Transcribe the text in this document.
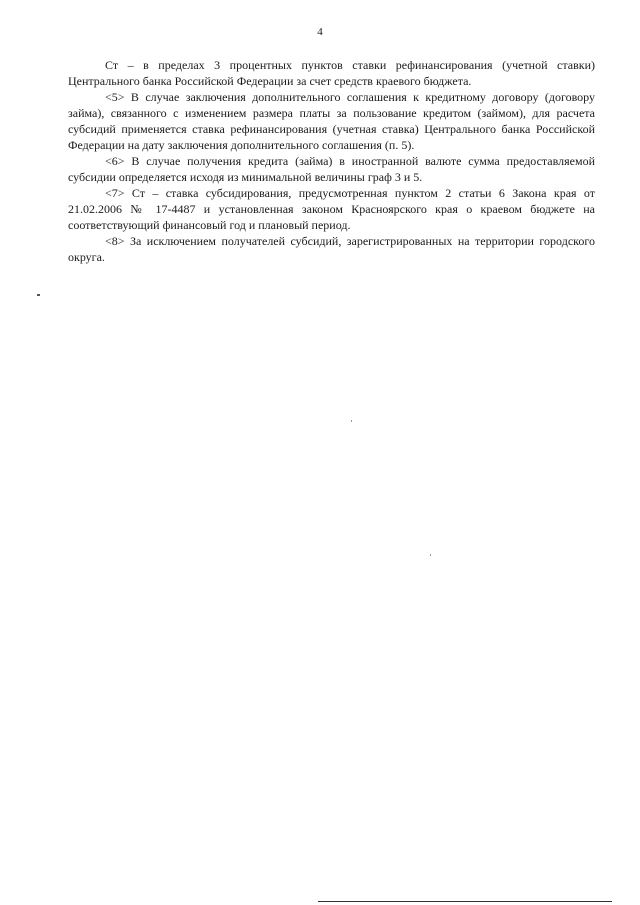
4

Ст – в пределах 3 процентных пунктов ставки рефинансирования (учетной ставки) Центрального банка Российской Федерации за счет средств краевого бюджета.

<5> В случае заключения дополнительного соглашения к кредитному договору (договору займа), связанного с изменением размера платы за пользование кредитом (займом), для расчета субсидий применяется ставка рефинансирования (учетная ставка) Центрального банка Российской Федерации на дату заключения дополнительного соглашения (п. 5).

<6> В случае получения кредита (займа) в иностранной валюте сумма предоставляемой субсидии определяется исходя из минимальной величины граф 3 и 5.

<7> Ст – ставка субсидирования, предусмотренная пунктом 2 статьи 6 Закона края от 21.02.2006 № 17-4487 и установленная законом Красноярского края о краевом бюджете на соответствующий финансовый год и плановый период.

<8> За исключением получателей субсидий, зарегистрированных на территории городского округа.
